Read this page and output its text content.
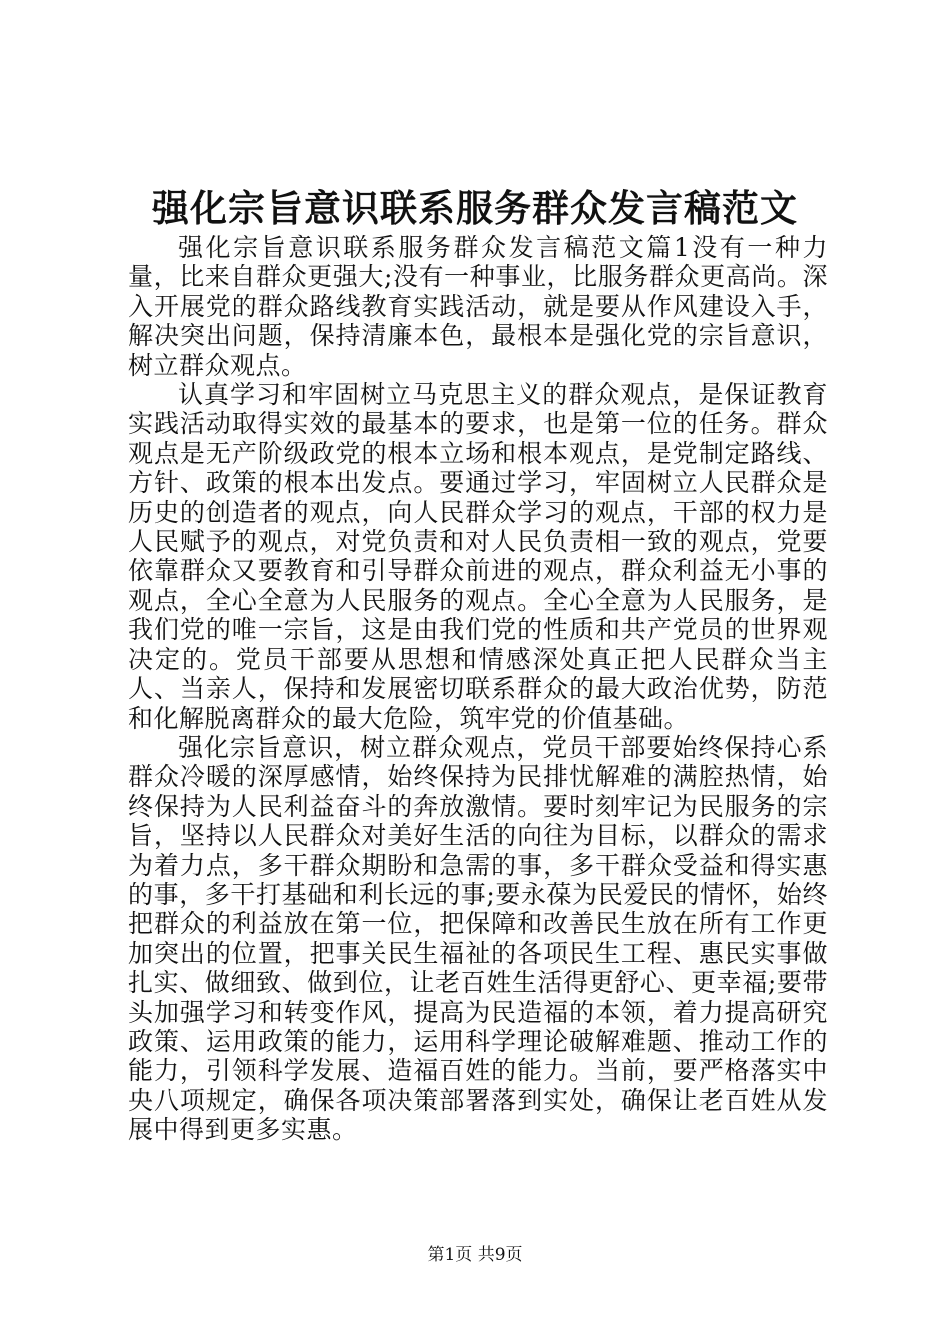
强化宗旨意识联系服务群众发言稿范文

强化宗旨意识联系服务群众发言稿范文篇1没有一种力量，比来自群众更强大;没有一种事业，比服务群众更高尚。深入开展党的群众路线教育实践活动，就是要从作风建设入手，解决突出问题，保持清廉本色，最根本是强化党的宗旨意识，树立群众观点。

认真学习和牢固树立马克思主义的群众观点，是保证教育实践活动取得实效的最基本的要求，也是第一位的任务。群众观点是无产阶级政党的根本立场和根本观点，是党制定路线、方针、政策的根本出发点。要通过学习，牢固树立人民群众是历史的创造者的观点，向人民群众学习的观点，干部的权力是人民赋予的观点，对党负责和对人民负责相一致的观点，党要依靠群众又要教育和引导群众前进的观点，群众利益无小事的观点，全心全意为人民服务的观点。全心全意为人民服务，是我们党的唯一宗旨，这是由我们党的性质和共产党员的世界观决定的。党员干部要从思想和情感深处真正把人民群众当主人、当亲人，保持和发展密切联系群众的最大政治优势，防范和化解脱离群众的最大危险，筑牢党的价值基础。

强化宗旨意识，树立群众观点，党员干部要始终保持心系群众冷暖的深厚感情，始终保持为民排忧解难的满腔热情，始终保持为人民利益奋斗的奔放激情。要时刻牢记为民服务的宗旨，坚持以人民群众对美好生活的向往为目标，以群众的需求为着力点，多干群众期盼和急需的事，多干群众受益和得实惠的事，多干打基础和利长远的事;要永葆为民爱民的情怀，始终把群众的利益放在第一位，把保障和改善民生放在所有工作更加突出的位置，把事关民生福祉的各项民生工程、惠民实事做扎实、做细致、做到位，让老百姓生活得更舒心、更幸福;要带头加强学习和转变作风，提高为民造福的本领，着力提高研究政策、运用政策的能力，运用科学理论破解难题、推动工作的能力，引领科学发展、造福百姓的能力。当前，要严格落实中央八项规定，确保各项决策部署落到实处，确保让老百姓从发展中得到更多实惠。

第1页 共9页
